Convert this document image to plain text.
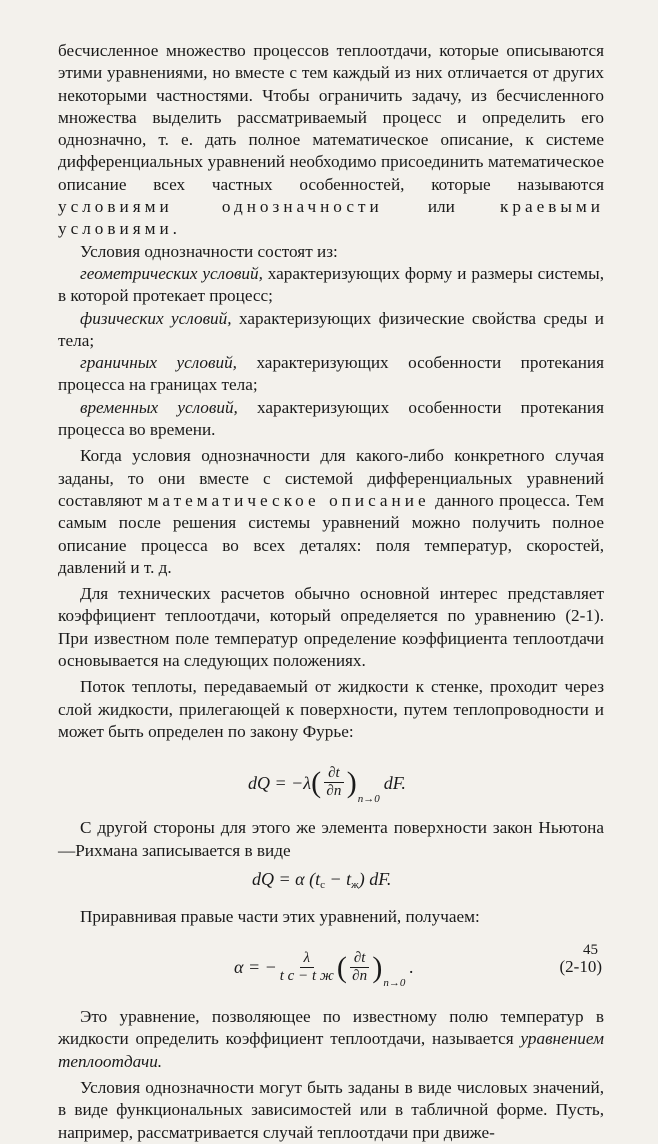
бесчисленное множество процессов теплоотдачи, которые описываются этими уравнениями, но вместе с тем каждый из них отличается от других некоторыми частностями. Чтобы ограничить задачу, из бесчисленного множества выделить рассматриваемый процесс и определить его однозначно, т. е. дать полное математическое описание, к системе дифференциальных уравнений необходимо присоединить математическое описание всех частных особенностей, которые называются условиями однозначности	или	краевыми условиями.

Условия однозначности состоят из:

геометрических условий, характеризующих форму и размеры системы, в которой протекает процесс;

физических условий, характеризующих физические свойства среды и тела;

граничных условий, характеризующих особенности протекания процесса на границах тела;

временных условий, характеризующих особенности протекания процесса во времени.

Когда условия однозначности для какого-либо конкретного случая заданы, то они вместе с системой дифференциальных уравнений составляют математическое описание данного процесса. Тем самым после решения системы уравнений можно получить полное описание процесса во всех деталях: поля температур, скоростей, давлений и т. д.

Для технических расчетов обычно основной интерес представляет коэффициент теплоотдачи, который определяется по уравнению (2-1). При известном поле температур определение коэффициента теплоотдачи основывается на следующих положениях.

Поток теплоты, передаваемый от жидкости к стенке, проходит через слой жидкости, прилегающей к поверхности, путем теплопроводности и может быть определен по закону Фурье:

dQ = −λ ( $\frac{\partial t}{\partial n}$ ) n→0
dF.

С другой стороны для этого же элемента поверхности закон Ньютона—Рихмана записывается в виде

dQ = α (tс − tж) dF.

Приравнивая правые части этих уравнений, получаем:

α = − $\frac{\lambda}{\text{t с − t ж}}$ ( $\frac{\partial t}{\partial n}$ ) n→0
.	(2-10)

Это уравнение, позволяющее по известному полю температур в жидкости определить коэффициент теплоотдачи, называется уравнением теплоотдачи.

Условия однозначности могут быть заданы в виде числовых значений, в виде функциональных зависимостей или в табличной форме. Пусть, например, рассматривается случай теплоотдачи при движе-

45
